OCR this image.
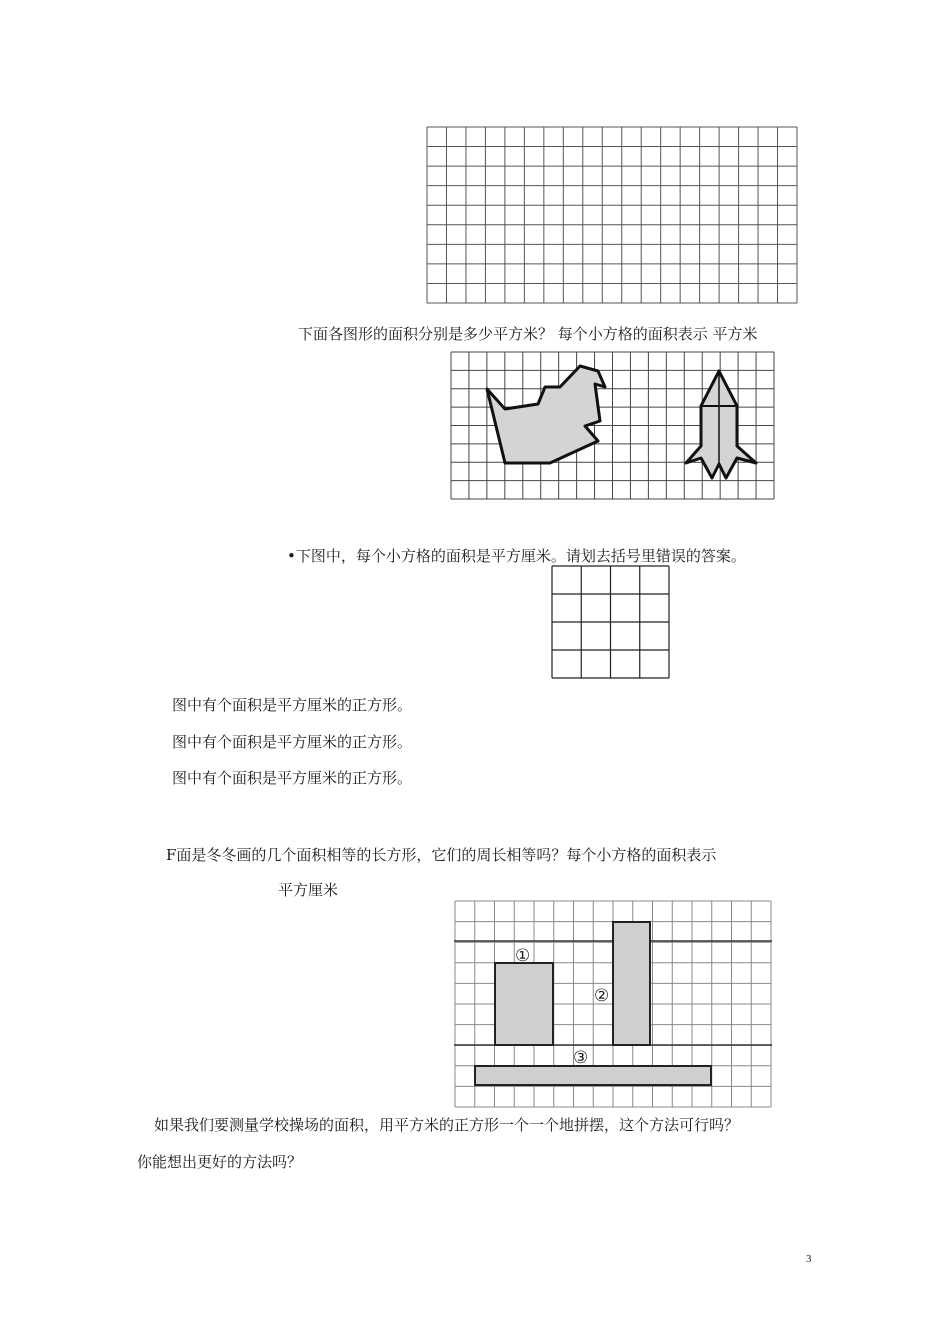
下面各图形的面积分别是多少平方米？ 每个小方格的面积表示 平方米
•下图中，每个小方格的面积是平方厘米。请划去括号里错误的答案。
图中有个面积是平方厘米的正方形。
图中有个面积是平方厘米的正方形。
图中有个面积是平方厘米的正方形。
F面是冬冬画的几个面积相等的长方形，它们的周长相等吗？每个小方格的面积表示
平方厘米
①
②
③
如果我们要测量学校操场的面积，用平方米的正方形一个一个地拼摆，这个方法可行吗？
你能想出更好的方法吗？
3
